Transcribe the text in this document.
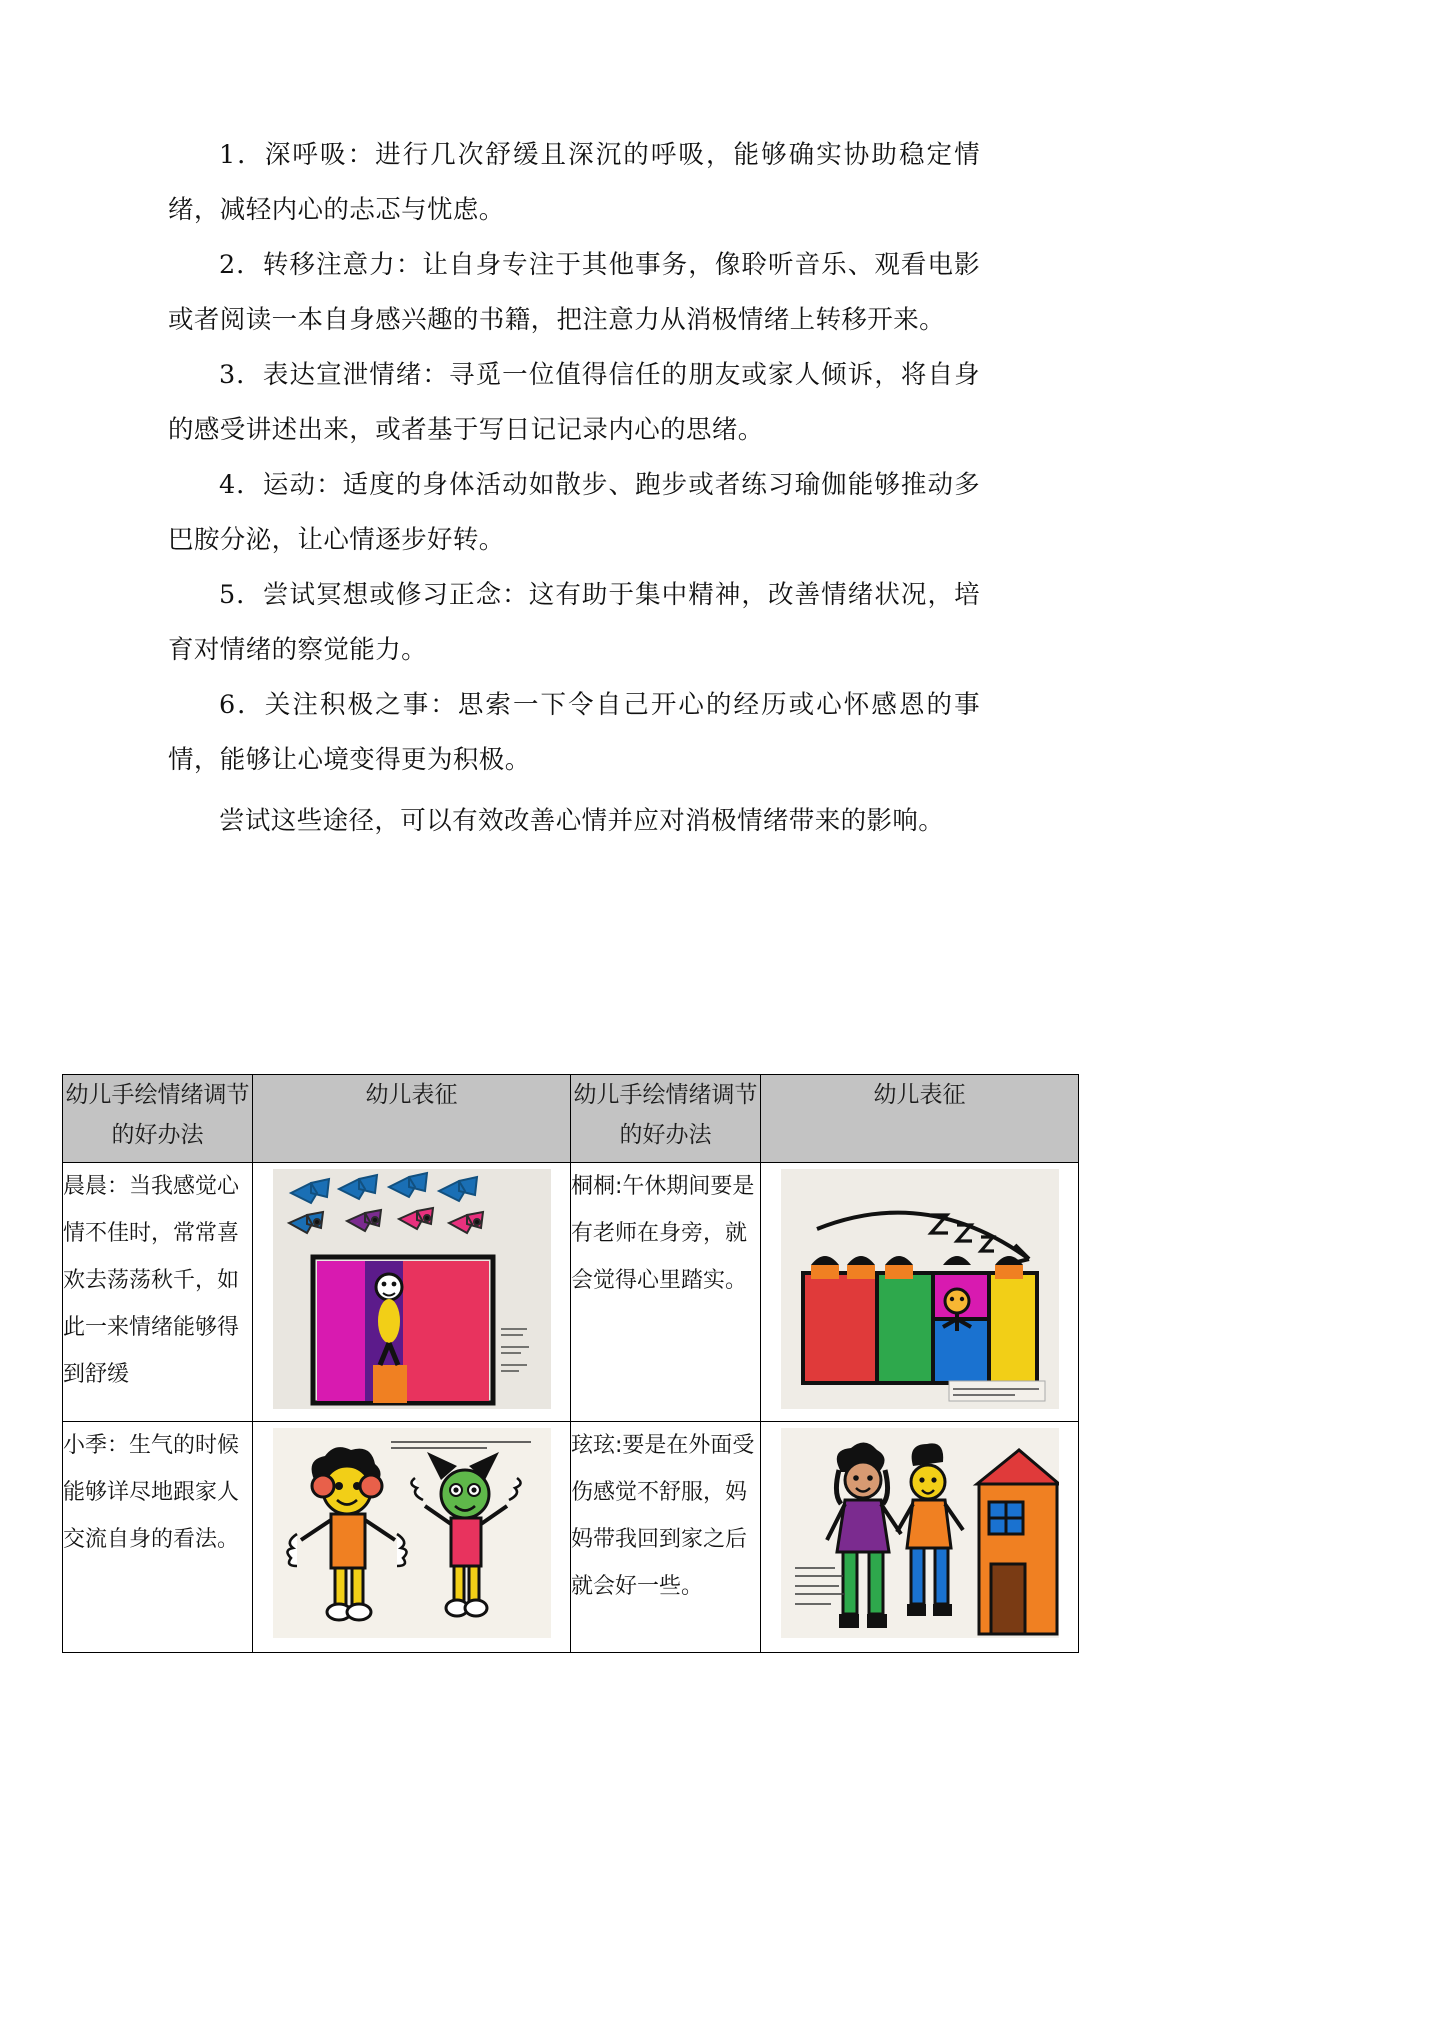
1．深呼吸：进行几次舒缓且深沉的呼吸，能够确实协助稳定情绪，减轻内心的忐忑与忧虑。

2．转移注意力：让自身专注于其他事务，像聆听音乐、观看电影或者阅读一本自身感兴趣的书籍，把注意力从消极情绪上转移开来。

3．表达宣泄情绪：寻觅一位值得信任的朋友或家人倾诉，将自身的感受讲述出来，或者基于写日记记录内心的思绪。

4．运动：适度的身体活动如散步、跑步或者练习瑜伽能够推动多巴胺分泌，让心情逐步好转。

5．尝试冥想或修习正念：这有助于集中精神，改善情绪状况，培育对情绪的察觉能力。

6．关注积极之事：思索一下令自己开心的经历或心怀感恩的事情，能够让心境变得更为积极。

尝试这些途径，可以有效改善心情并应对消极情绪带来的影响。

幼儿手绘情绪调节的好办法	幼儿表征	幼儿手绘情绪调节的好办法	幼儿表征
晨晨：当我感觉心情不佳时，常常喜欢去荡荡秋千，如此一来情绪能够得到舒缓		桐桐:午休期间要是有老师在身旁，就会觉得心里踏实。	

小季：生气的时候能够详尽地跟家人交流自身的看法。		玹玹:要是在外面受伤感觉不舒服，妈妈带我回到家之后就会好一些。	
